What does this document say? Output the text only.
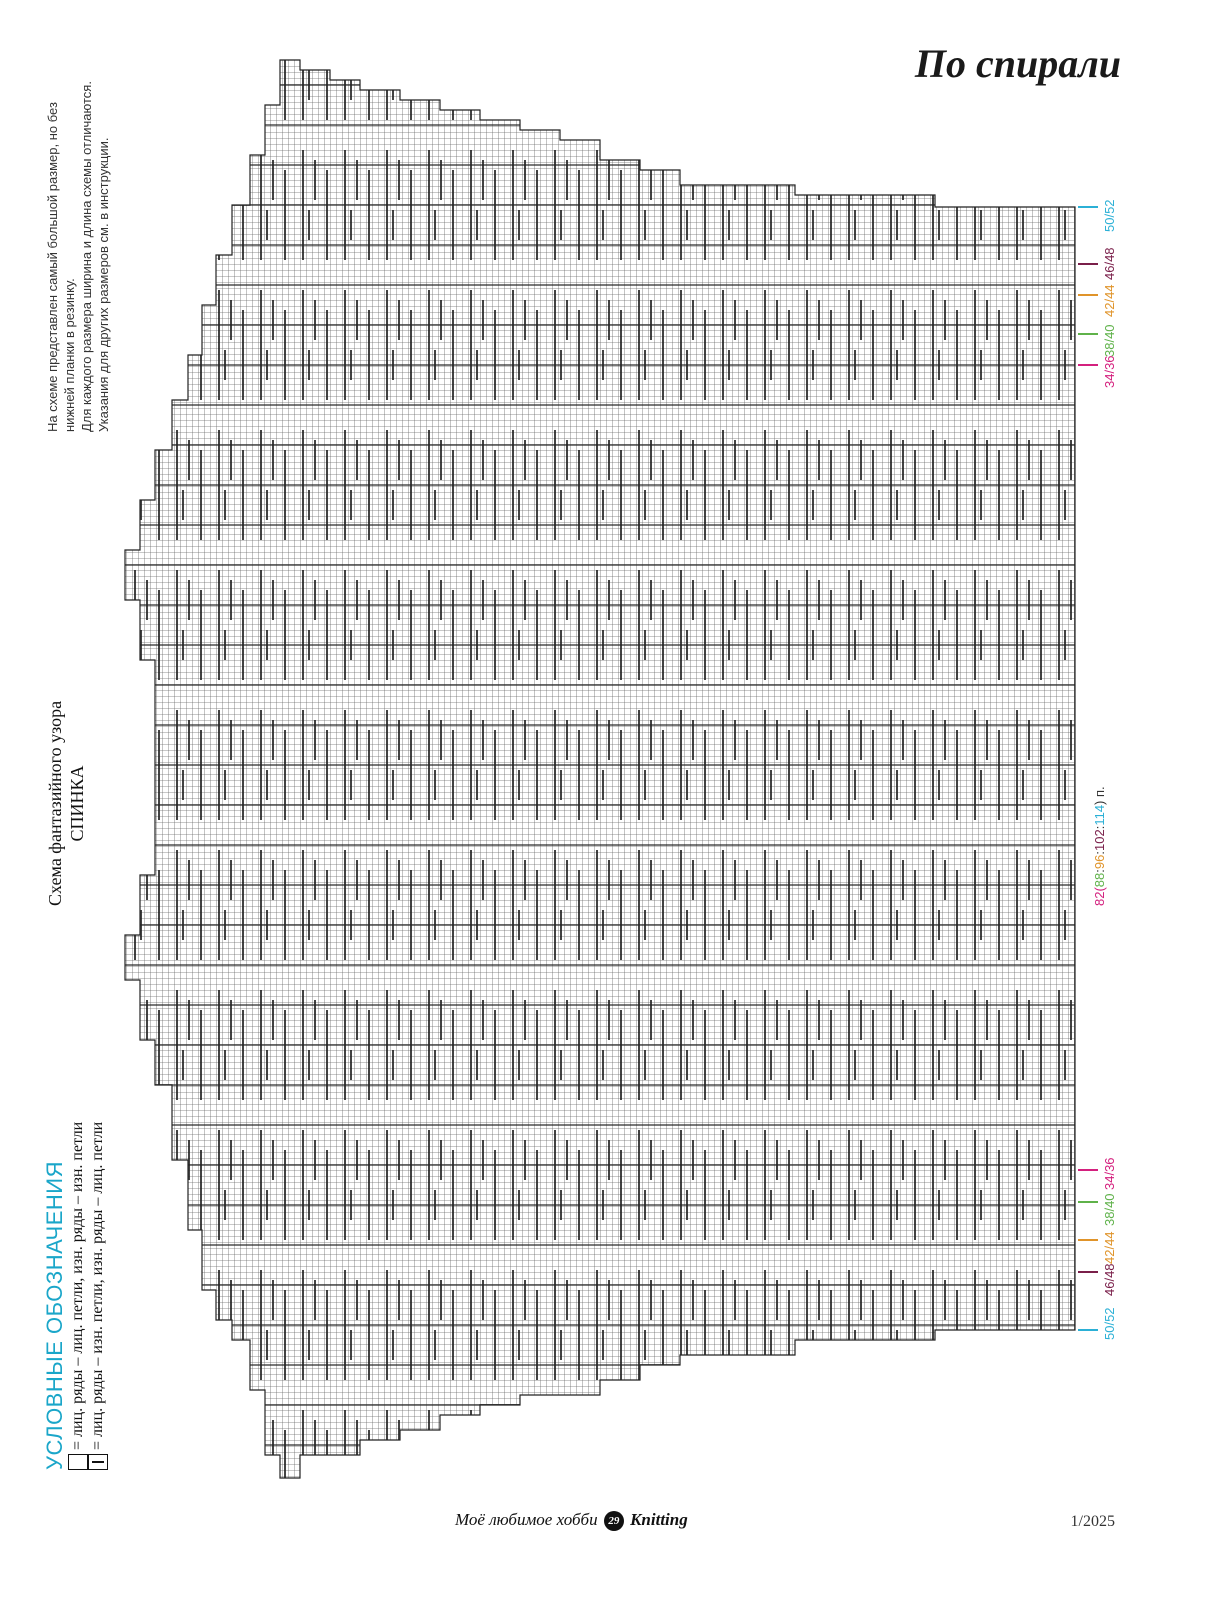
По спирали
На схеме представлен самый большой размер, но без нижней планки в резинку. Для каждого размера ширина и длина схемы отличаются. Указания для других размеров см. в инструкции.
Схема фантазийного узора СПИНКА
УСЛОВНЫЕ ОБОЗНАЧЕНИЯ = лиц. ряды – лиц. петли, изн. ряды – изн. петли = лиц. ряды – изн. петли, изн. ряды – лиц. петли
50/52
46/48
42/44
38/40
34/36
34/36
38/40
42/44
46/48
50/52
82(88:96:102:114) п.
Моё любимое хобби 29 Knitting	1/2025
